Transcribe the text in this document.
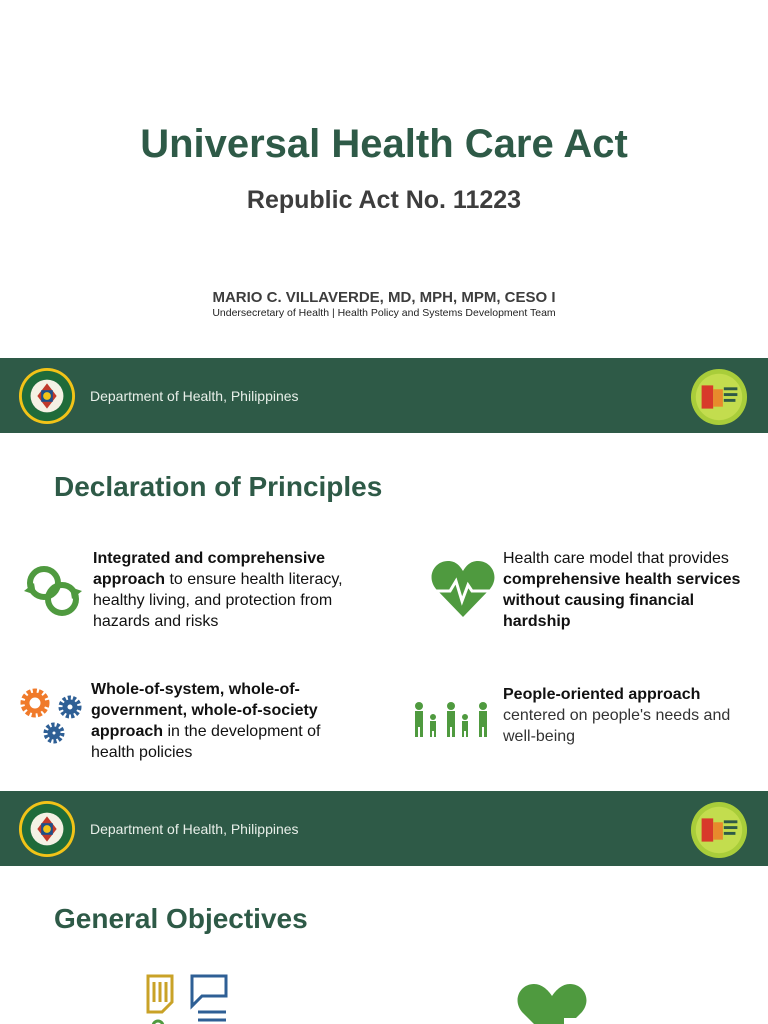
Universal Health Care Act
Republic Act No. 11223
MARIO C. VILLAVERDE, MD, MPH, MPM, CESO I
Undersecretary of Health | Health Policy and Systems Development Team
Department of Health, Philippines
Declaration of Principles
Integrated and comprehensive approach to ensure health literacy, healthy living, and protection from hazards and risks
Health care model that provides comprehensive health services without causing financial hardship
Whole-of-system, whole-of-government, whole-of-society approach in the development of health policies
People-oriented approach centered on people's needs and well-being
Department of Health, Philippines
General Objectives
